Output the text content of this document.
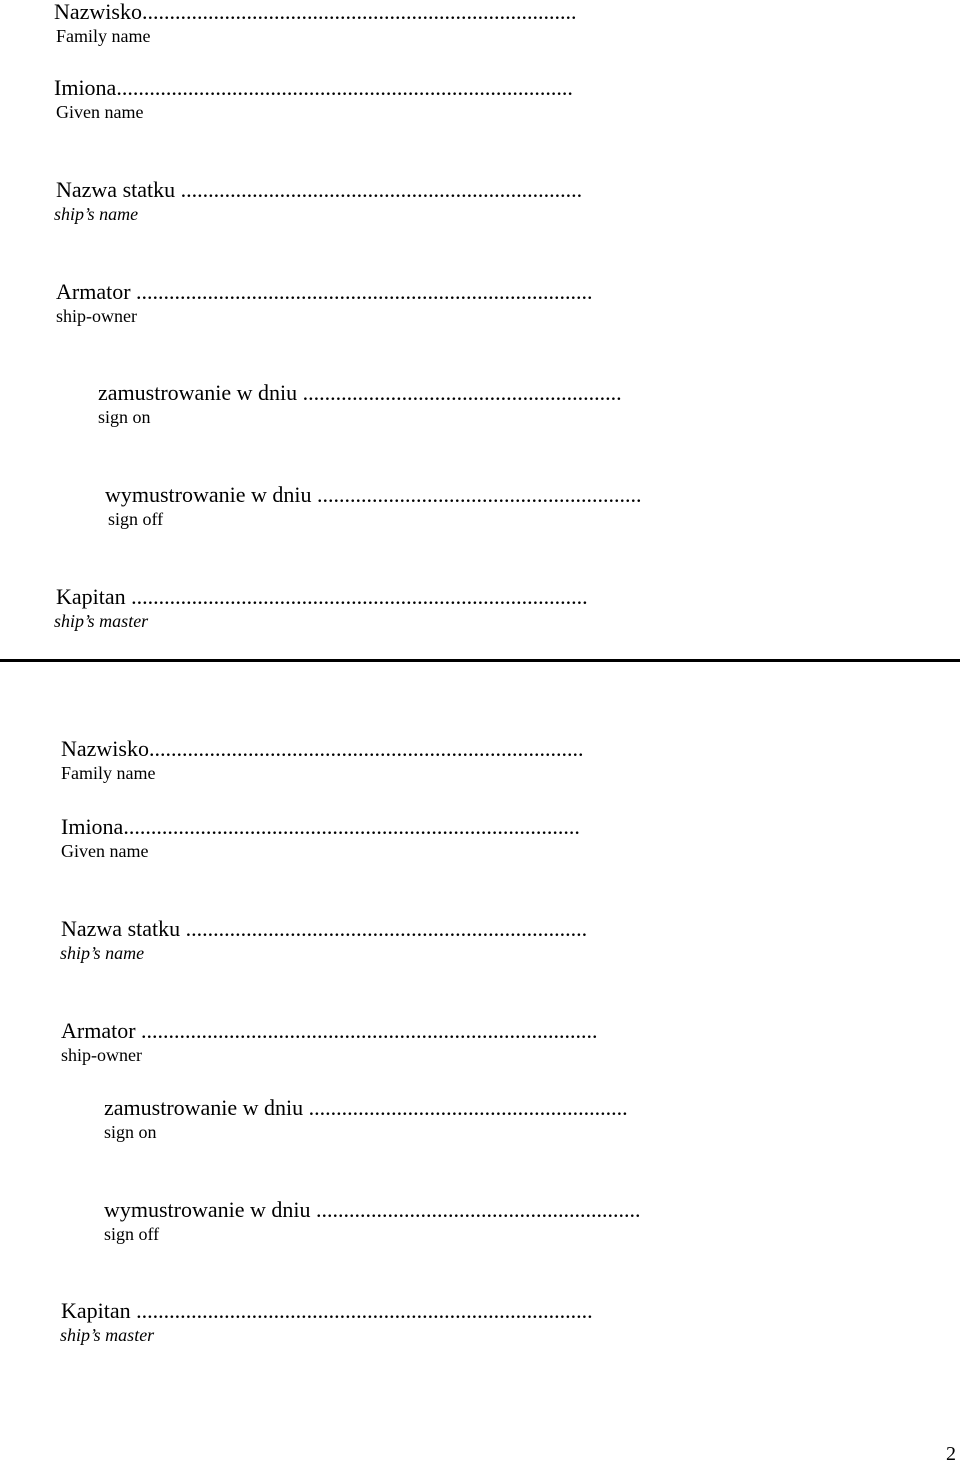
Nazwisko...............................................................................
Family name
Imiona...................................................................................
Given name
Nazwa statku .........................................................................
ship’s name
Armator ...................................................................................
ship-owner
zamustrowanie w dniu ..........................................................
sign on
wymustrowanie w dniu ...........................................................
sign off
Kapitan ...................................................................................
ship’s master
Nazwisko...............................................................................
Family name
Imiona...................................................................................
Given name
Nazwa statku .........................................................................
ship’s name
Armator ...................................................................................
ship-owner
zamustrowanie w dniu ..........................................................
sign on
wymustrowanie w dniu ...........................................................
sign off
Kapitan ...................................................................................
ship’s master
2
